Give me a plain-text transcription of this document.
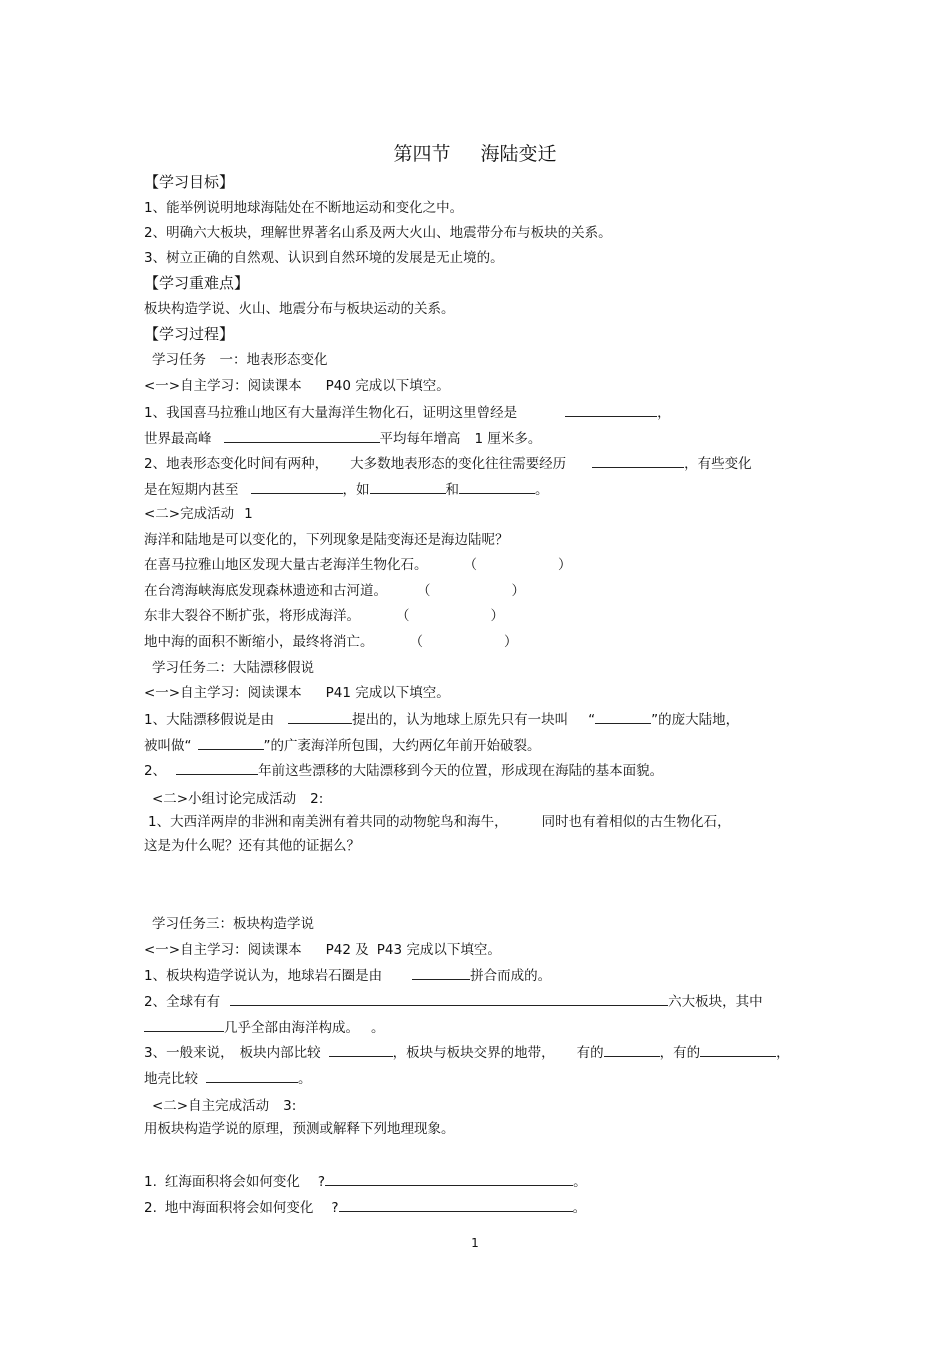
第四节 海陆变迁
【学习目标】
1、能举例说明地球海陆处在不断地运动和变化之中。
2、明确六大板块，理解世界著名山系及两大火山、地震带分布与板块的关系。
3、树立正确的自然观、认识到自然环境的发展是无止境的。
【学习重难点】
板块构造学说、火山、地震分布与板块运动的关系。
【学习过程】
学习任务　一：地表形态变化
<一>自主学习：阅读课本 P40 完成以下填空。
1、我国喜马拉雅山地区有大量海洋生物化石，证明这里曾经是	，
世界最高峰	平均每年增高 1 厘米多。
2、地表形态变化时间有两种， 大多数地表形态的变化往往需要经历	，有些变化
是在短期内甚至	，如	和	。
<二>完成活动 1
海洋和陆地是可以变化的，下列现象是陆变海还是海边陆呢？
在喜马拉雅山地区发现大量古老海洋生物化石。	（　　　　　　）
在台湾海峡海底发现森林遗迹和古河道。 （　　　　　　）
东非大裂谷不断扩张，将形成海洋。	（　　　　　　）
地中海的面积不断缩小，最终将消亡。	（　　　　　　）
学习任务二：大陆漂移假说
<一>自主学习：阅读课本 P41 完成以下填空。
1、大陆漂移假说是由	提出的，认为地球上原先只有一块叫 “	”的庞大陆地，
被叫做“	”的广袤海洋所包围，大约两亿年前开始破裂。
2、	年前这些漂移的大陆漂移到今天的位置，形成现在海陆的基本面貌。
<二>小组讨论完成活动 2:
1、大西洋两岸的非洲和南美洲有着共同的动物鸵鸟和海牛，	同时也有着相似的古生物化石，
这是为什么呢？还有其他的证据么？
学习任务三：板块构造学说
<一>自主学习：阅读课本 P42 及 P43 完成以下填空。
1、板块构造学说认为，地球岩石圈是由	拼合而成的。
2、全球有有	六大板块，其中
几乎全部由海洋构成。 。
3、一般来说， 板块内部比较	，板块与板块交界的地带， 有的	，有的	，
地壳比较	。
<二>自主完成活动 3:
用板块构造学说的原理，预测或解释下列地理现象。
1. 红海面积将会如何变化 ?	。
2. 地中海面积将会如何变化 ?	。
1
